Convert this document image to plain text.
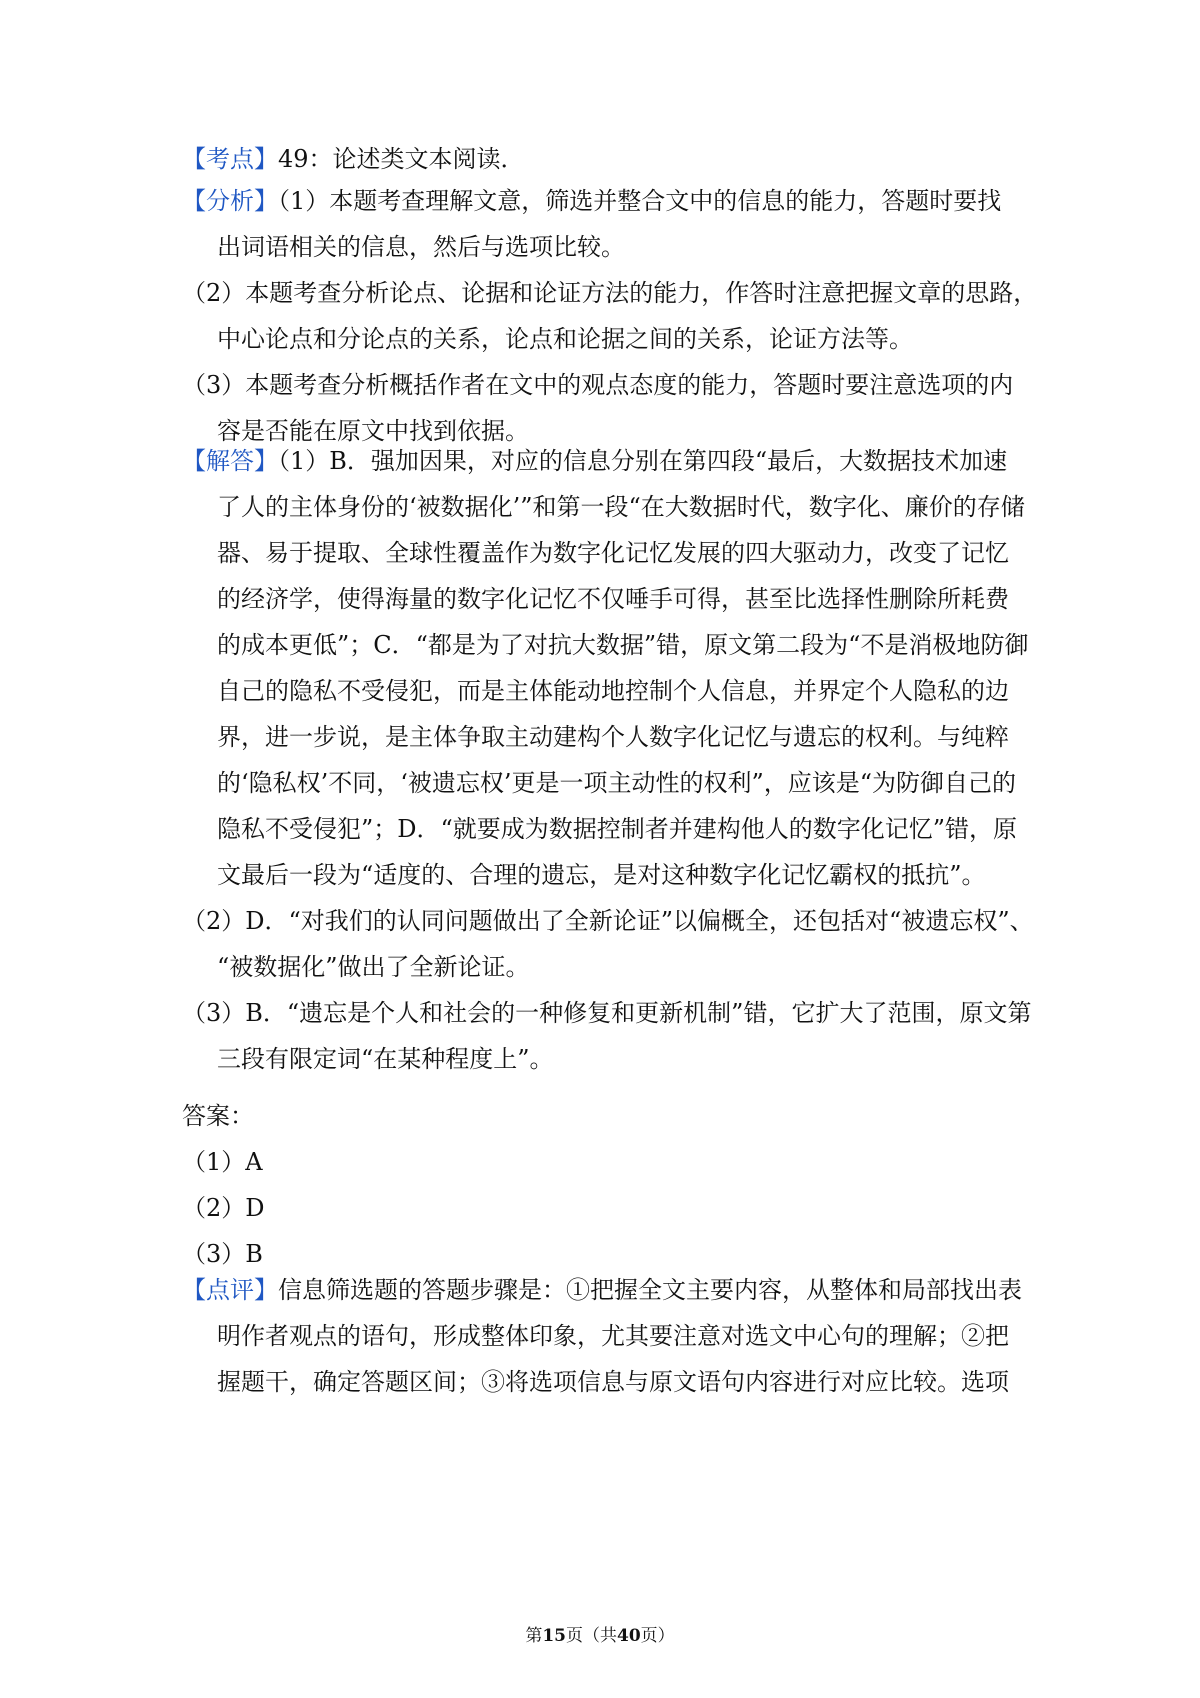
【考点】49：论述类文本阅读．
【分析】（1）本题考查理解文意，筛选并整合文中的信息的能力，答题时要找
出词语相关的信息，然后与选项比较。
（2）本题考查分析论点、论据和论证方法的能力，作答时注意把握文章的思路，
中心论点和分论点的关系，论点和论据之间的关系，论证方法等。
（3）本题考查分析概括作者在文中的观点态度的能力，答题时要注意选项的内
容是否能在原文中找到依据。
【解答】（1）B．强加因果，对应的信息分别在第四段“最后，大数据技术加速
了人的主体身份的‘被数据化’”和第一段“在大数据时代，数字化、廉价的存储
器、易于提取、全球性覆盖作为数字化记忆发展的四大驱动力，改变了记忆
的经济学，使得海量的数字化记忆不仅唾手可得，甚至比选择性删除所耗费
的成本更低”；C．“都是为了对抗大数据”错，原文第二段为“不是消极地防御
自己的隐私不受侵犯，而是主体能动地控制个人信息，并界定个人隐私的边
界，进一步说，是主体争取主动建构个人数字化记忆与遗忘的权利。与纯粹
的‘隐私权’不同，‘被遗忘权’更是一项主动性的权利”，应该是“为防御自己的
隐私不受侵犯”；D．“就要成为数据控制者并建构他人的数字化记忆”错，原
文最后一段为“适度的、合理的遗忘，是对这种数字化记忆霸权的抵抗”。
（2）D．“对我们的认同问题做出了全新论证”以偏概全，还包括对“被遗忘权”、
“被数据化”做出了全新论证。
（3）B．“遗忘是个人和社会的一种修复和更新机制”错，它扩大了范围，原文第
三段有限定词“在某种程度上”。
答案：
（1）A
（2）D
（3）B
【点评】信息筛选题的答题步骤是：①把握全文主要内容，从整体和局部找出表
明作者观点的语句，形成整体印象，尤其要注意对选文中心句的理解；②把
握题干，确定答题区间；③将选项信息与原文语句内容进行对应比较。选项
第15页（共40页）
